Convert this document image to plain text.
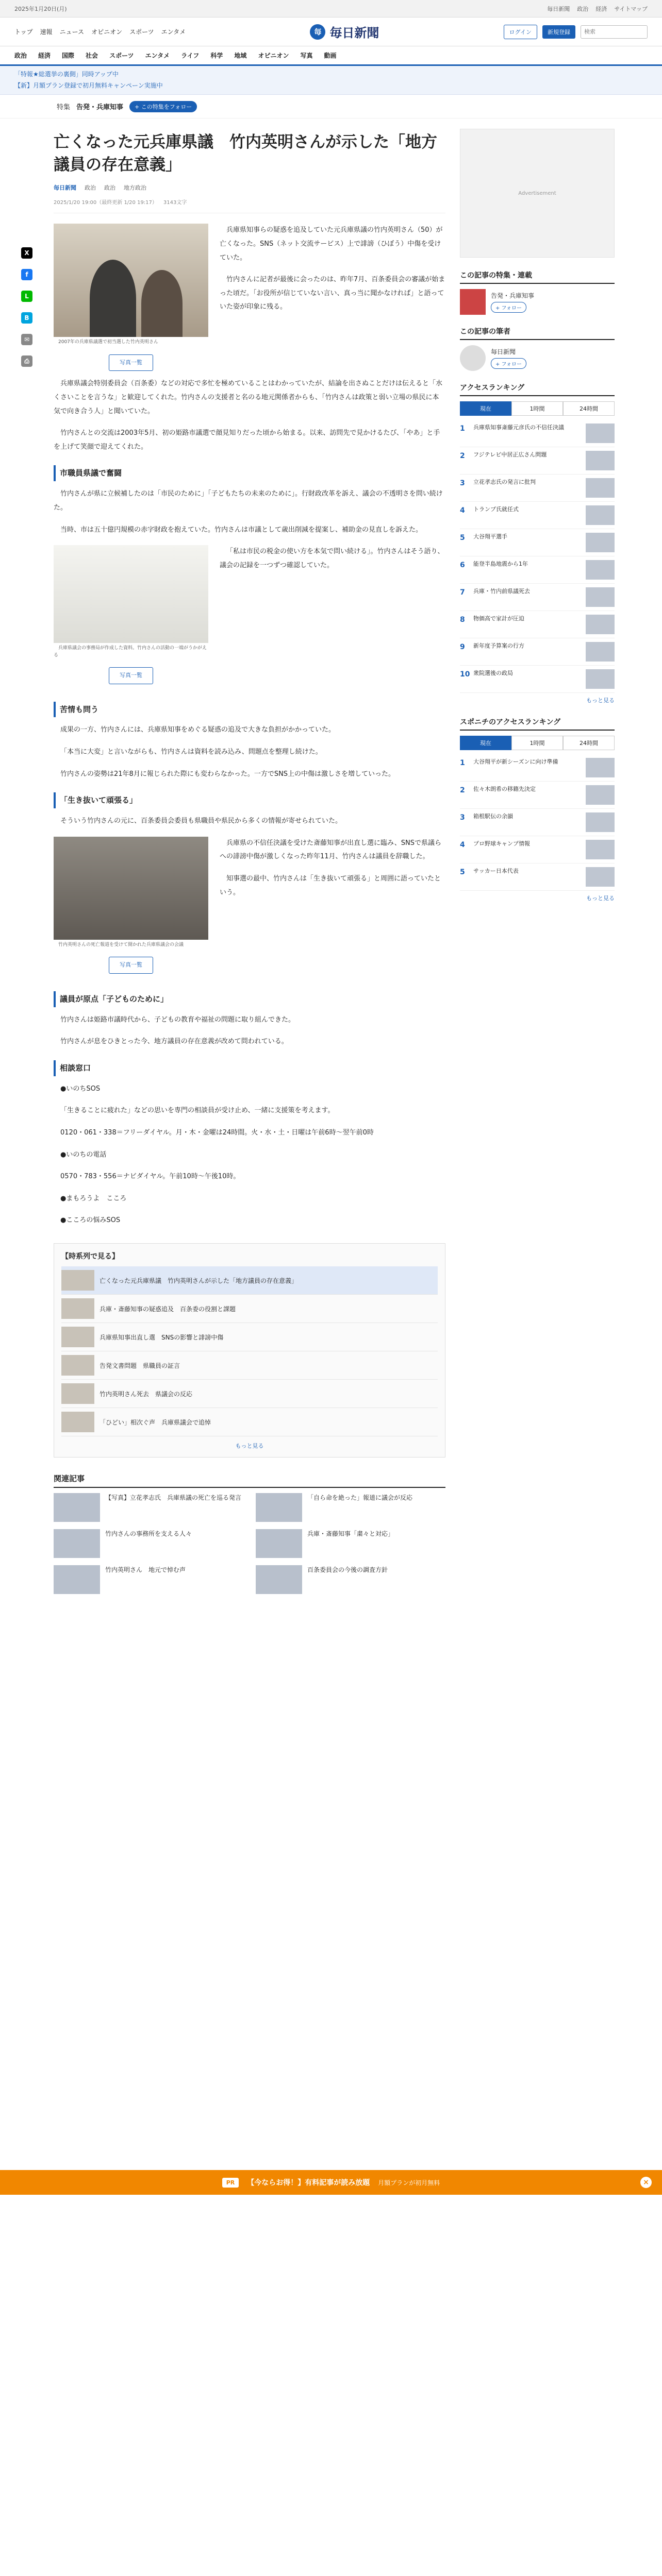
2025年1月20日(月)	毎日新聞 政治 経済 サイトマップ
トップ 速報 ニュース オピニオン スポーツ エンタメ	毎 毎日新聞	ログイン	新規登録
検索
政治 経済 国際 社会 スポーツ エンタメ ライフ 科学 地域 オピニオン 写真 動画
「特報★総選挙の裏側」同時アップ中
【新】月額プラン登録で初月無料キャンペーン実施中
特集 告発・兵庫知事	+ この特集をフォロー
X
f
L
B
✉
⎙
亡くなった元兵庫県議　竹内英明さんが示した「地方議員の存在意義」
毎日新聞 政治 政治 地方政治
2025/1/20 19:00（最終更新 1/20 19:17） 3143文字

2007年の兵庫県議選で初当選した竹内英明さん

写真一覧

兵庫県知事らの疑惑を追及していた元兵庫県議の竹内英明さん（50）が亡くなった。SNS（ネット交流サービス）上で誹謗（ひぼう）中傷を受けていた。

竹内さんに記者が最後に会ったのは、昨年7月、百条委員会の審議が始まった頃だ。「お役所が信じていない言い、真っ当に聞かなければ」と語っていた姿が印象に残る。

兵庫県議会特別委員会（百条委）などの対応で多忙を極めていることはわかっていたが、結論を出さぬことだけは伝えると「水くさいことを言うな」と歓迎してくれた。竹内さんの支援者と名のる地元関係者からも、「竹内さんは政策と弱い立場の県民に本気で向き合う人」と聞いていた。

竹内さんとの交流は2003年5月、初の姫路市議選で顔見知りだった頃から始まる。以来、訪問先で見かけるたび、「やあ」と手を上げて笑顔で迎えてくれた。

市職員県議で奮闘

竹内さんが県に立候補したのは「市民のために」「子どもたちの未来のために」。行財政改革を訴え、議会の不透明さを問い続けた。

当時、市は五十億円規模の赤字財政を抱えていた。竹内さんは市議として歳出削減を提案し、補助金の見直しを訴えた。

兵庫県議会の事務局が作成した資料。竹内さんの活動の一端がうかがえる

写真一覧

「私は市民の税金の使い方を本気で問い続ける」。竹内さんはそう語り、議会の記録を一つずつ確認していた。

苦情も問う

成果の一方、竹内さんには、兵庫県知事をめぐる疑惑の追及で大きな負担がかかっていた。

「本当に大変」と言いながらも、竹内さんは資料を読み込み、問題点を整理し続けた。

竹内さんの姿勢は21年8月に報じられた際にも変わらなかった。一方でSNS上の中傷は激しさを増していった。

「生き抜いて頑張る」

そういう竹内さんの元に、百条委員会委員も県職員や県民から多くの情報が寄せられていた。

竹内英明さんの死亡報道を受けて開かれた兵庫県議会の会議

写真一覧

兵庫県の不信任決議を受けた斎藤知事が出直し選に臨み、SNSで県議らへの誹謗中傷が激しくなった昨年11月、竹内さんは議員を辞職した。

知事選の最中、竹内さんは「生き抜いて頑張る」と周囲に語っていたという。

議員が原点「子どものために」

竹内さんは姫路市議時代から、子どもの教育や福祉の問題に取り組んできた。

竹内さんが息をひきとった今、地方議員の存在意義が改めて問われている。

相談窓口

●いのちSOS

「生きることに疲れた」などの思いを専門の相談員が受け止め、一緒に支援策を考えます。

0120・061・338＝フリーダイヤル。月・木・金曜は24時間。火・水・土・日曜は午前6時〜翌午前0時

●いのちの電話

0570・783・556＝ナビダイヤル。午前10時〜午後10時。

●まもろうよ　こころ

●こころの悩みSOS

【時系列で見る】
亡くなった元兵庫県議　竹内英明さんが示した「地方議員の存在意義」
兵庫・斎藤知事の疑惑追及　百条委の役割と課題
兵庫県知事出直し選　SNSの影響と誹謗中傷
告発文書問題　県職員の証言
竹内英明さん死去　県議会の反応
「ひどい」相次ぐ声　兵庫県議会で追悼
もっと見る
関連記事
【写真】立花孝志氏　兵庫県議の死亡を巡る発言	「自ら命を絶った」報道に議会が反応
竹内さんの事務所を支える人々	兵庫・斎藤知事「粛々と対応」
竹内英明さん　地元で悼む声	百条委員会の今後の調査方針
Advertisement
この記事の特集・連載
告発・兵庫知事
+ フォロー
この記事の筆者
毎日新聞
+ フォロー
アクセスランキング
現在	1時間	24時間
1	兵庫県知事斎藤元彦氏の不信任決議
2	フジテレビ中居正広さん問題
3	立花孝志氏の発言に批判
4	トランプ氏就任式
5	大谷翔平選手
6	能登半島地震から1年
7	兵庫・竹内前県議死去
8	物価高で家計が圧迫
9	新年度予算案の行方
10 衆院選後の政局
もっと見る
スポニチのアクセスランキング
現在	1時間	24時間
1	大谷翔平が新シーズンに向け準備
2	佐々木朗希の移籍先決定
3	箱根駅伝の余韻
4	プロ野球キャンプ情報
5	サッカー日本代表
もっと見る
PR	【今ならお得！】有料記事が読み放題 月額プランが初月無料	×
